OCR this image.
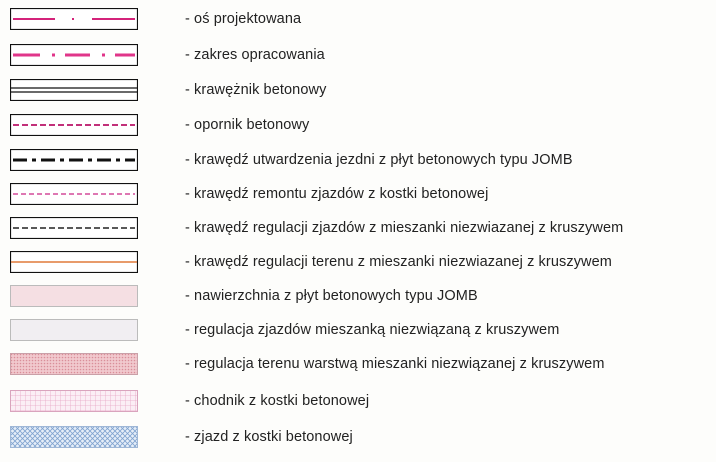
- oś projektowana
- zakres opracowania
- krawężnik betonowy
- opornik betonowy
- krawędź utwardzenia jezdni z płyt betonowych typu JOMB
- krawędź remontu zjazdów z kostki betonowej
- krawędź regulacji zjazdów z mieszanki niezwiazanej z kruszywem
- krawędź regulacji terenu z mieszanki niezwiazanej z kruszywem
- nawierzchnia z płyt betonowych typu JOMB
- regulacja zjazdów mieszanką niezwiązaną z kruszywem
- regulacja terenu warstwą mieszanki niezwiązanej z kruszywem
- chodnik z kostki betonowej
- zjazd z kostki betonowej
